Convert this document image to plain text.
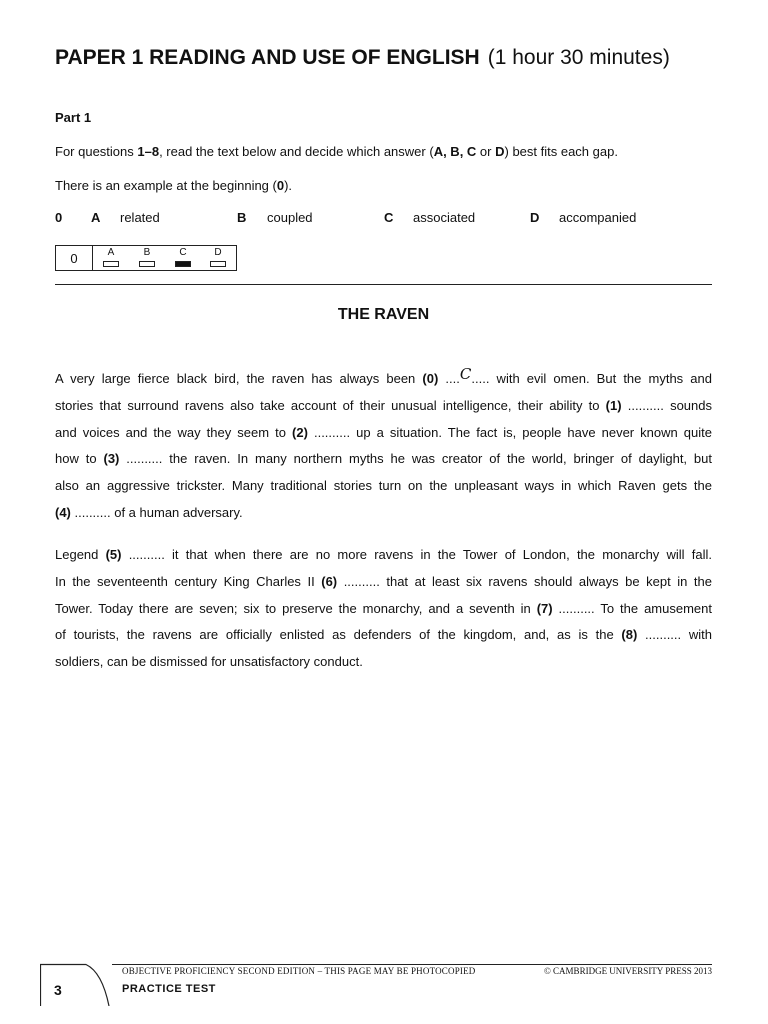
PAPER 1 READING AND USE OF ENGLISH (1 hour 30 minutes)
Part 1
For questions 1–8, read the text below and decide which answer (A, B, C or D) best fits each gap.
There is an example at the beginning (0).
0 A related	B coupled	C associated	D accompanied
0	A	B	C	D
THE RAVEN
A very large fierce black bird, the raven has always been (0) ....C..... with evil omen. But the myths and
stories that surround ravens also take account of their unusual intelligence, their ability to (1) .......... sounds
and voices and the way they seem to (2) .......... up a situation. The fact is, people have never known quite
how to (3) .......... the raven. In many northern myths he was creator of the world, bringer of daylight, but
also an aggressive trickster. Many traditional stories turn on the unpleasant ways in which Raven gets the
(4) .......... of a human adversary.
Legend (5) .......... it that when there are no more ravens in the Tower of London, the monarchy will fall.
In the seventeenth century King Charles II (6) .......... that at least six ravens should always be kept in the
Tower. Today there are seven; six to preserve the monarchy, and a seventh in (7) .......... To the amusement
of tourists, the ravens are officially enlisted as defenders of the kingdom, and, as is the (8) .......... with
soldiers, can be dismissed for unsatisfactory conduct.
3
OBJECTIVE PROFICIENCY SECOND EDITION – THIS PAGE MAY BE PHOTOCOPIED	© CAMBRIDGE UNIVERSITY PRESS 2013
PRACTICE TEST
